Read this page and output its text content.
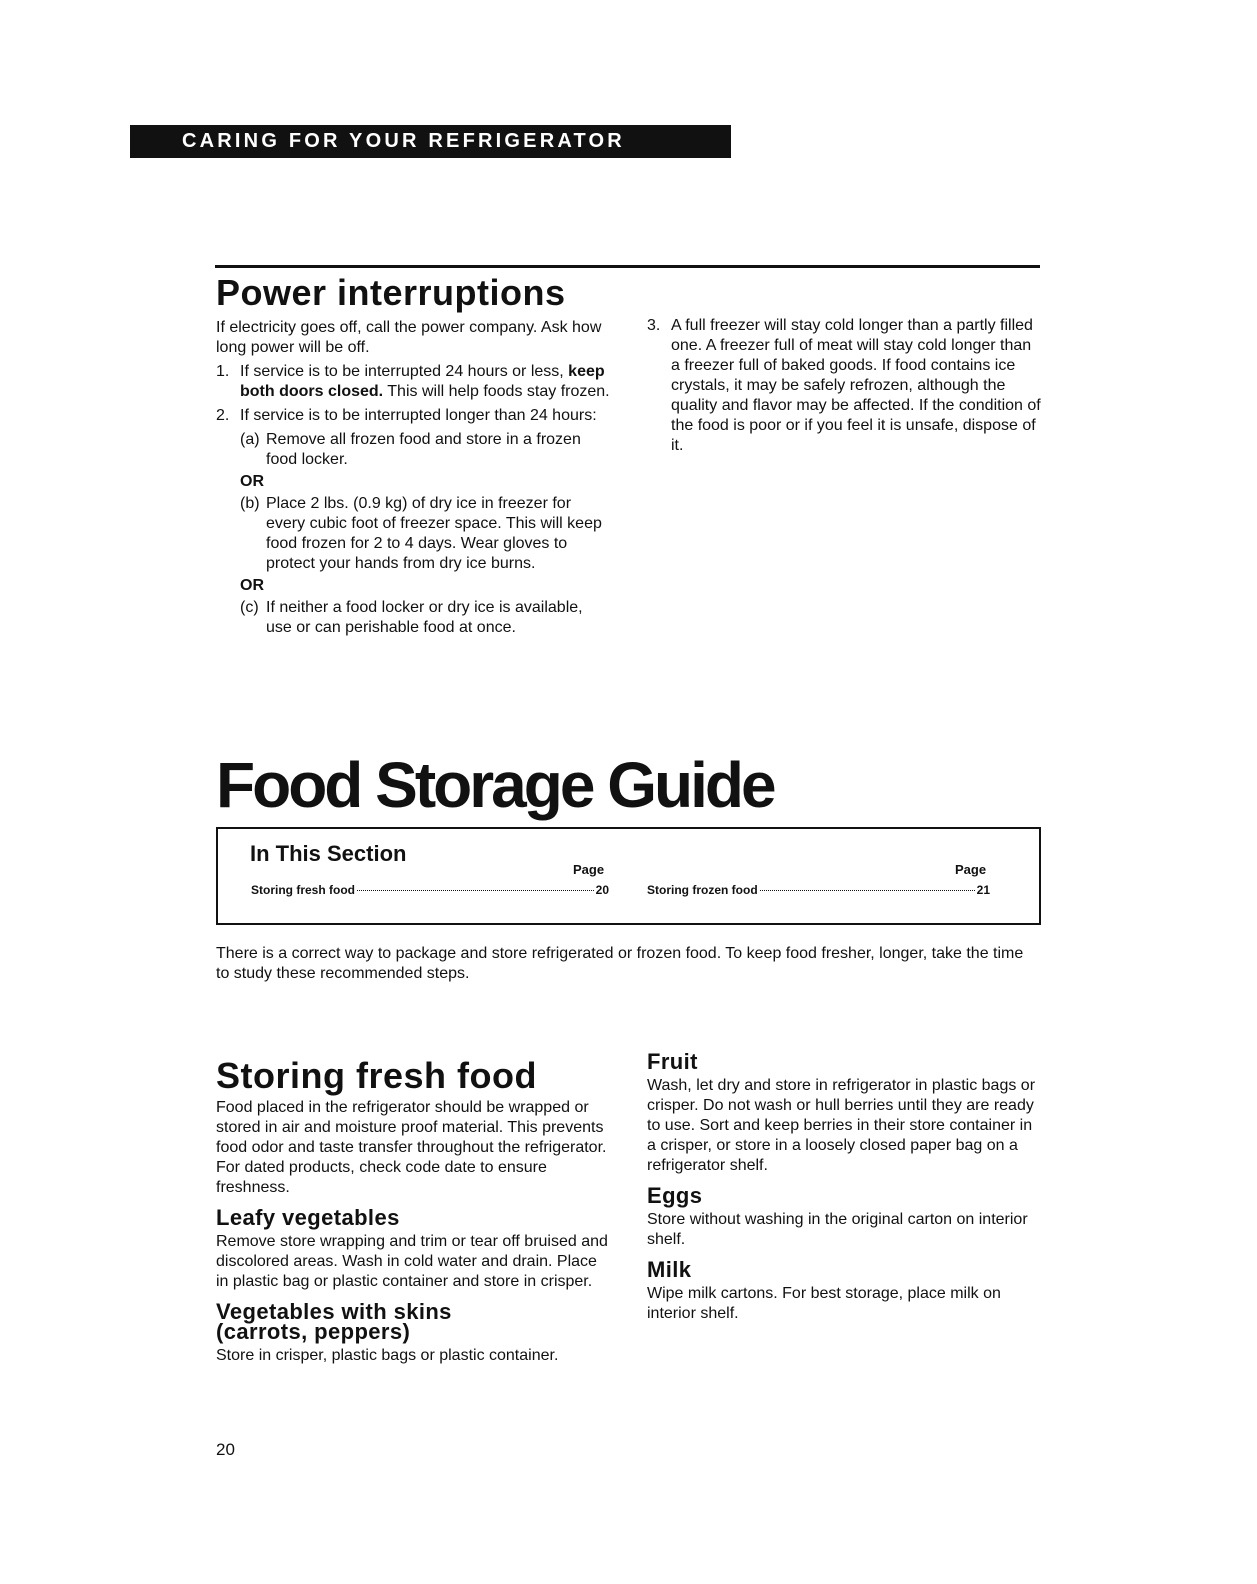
CARING FOR YOUR REFRIGERATOR
Power interruptions

If electricity goes off, call the power company. Ask how long power will be off.

1. If service is to be interrupted 24 hours or less, keep both doors closed. This will help foods stay frozen.
2. If service is to be interrupted longer than 24 hours:
(a) Remove all frozen food and store in a frozen food locker.

OR

(b) Place 2 lbs. (0.9 kg) of dry ice in freezer for every cubic foot of freezer space. This will keep food frozen for 2 to 4 days. Wear gloves to protect your hands from dry ice burns.

OR

(c) If neither a food locker or dry ice is available, use or can perishable food at once.
3. A full freezer will stay cold longer than a partly filled one. A freezer full of meat will stay cold longer than a freezer full of baked goods. If food contains ice crystals, it may be safely refrozen, although the quality and flavor may be affected. If the condition of the food is poor or if you feel it is unsafe, dispose of it.
Food Storage Guide
In This Section
Page	Page
Storing fresh food	20	Storing frozen food	21

There is a correct way to package and store refrigerated or frozen food. To keep food fresher, longer, take the time to study these recommended steps.

Storing fresh food

Food placed in the refrigerator should be wrapped or stored in air and moisture proof material. This prevents food odor and taste transfer throughout the refrigerator. For dated products, check code date to ensure freshness.

Leafy vegetables

Remove store wrapping and trim or tear off bruised and discolored areas. Wash in cold water and drain. Place in plastic bag or plastic container and store in crisper.

Vegetables with skins
(carrots, peppers)

Store in crisper, plastic bags or plastic container.

Fruit

Wash, let dry and store in refrigerator in plastic bags or crisper. Do not wash or hull berries until they are ready to use. Sort and keep berries in their store container in a crisper, or store in a loosely closed paper bag on a refrigerator shelf.

Eggs

Store without washing in the original carton on interior shelf.

Milk

Wipe milk cartons. For best storage, place milk on interior shelf.

20
